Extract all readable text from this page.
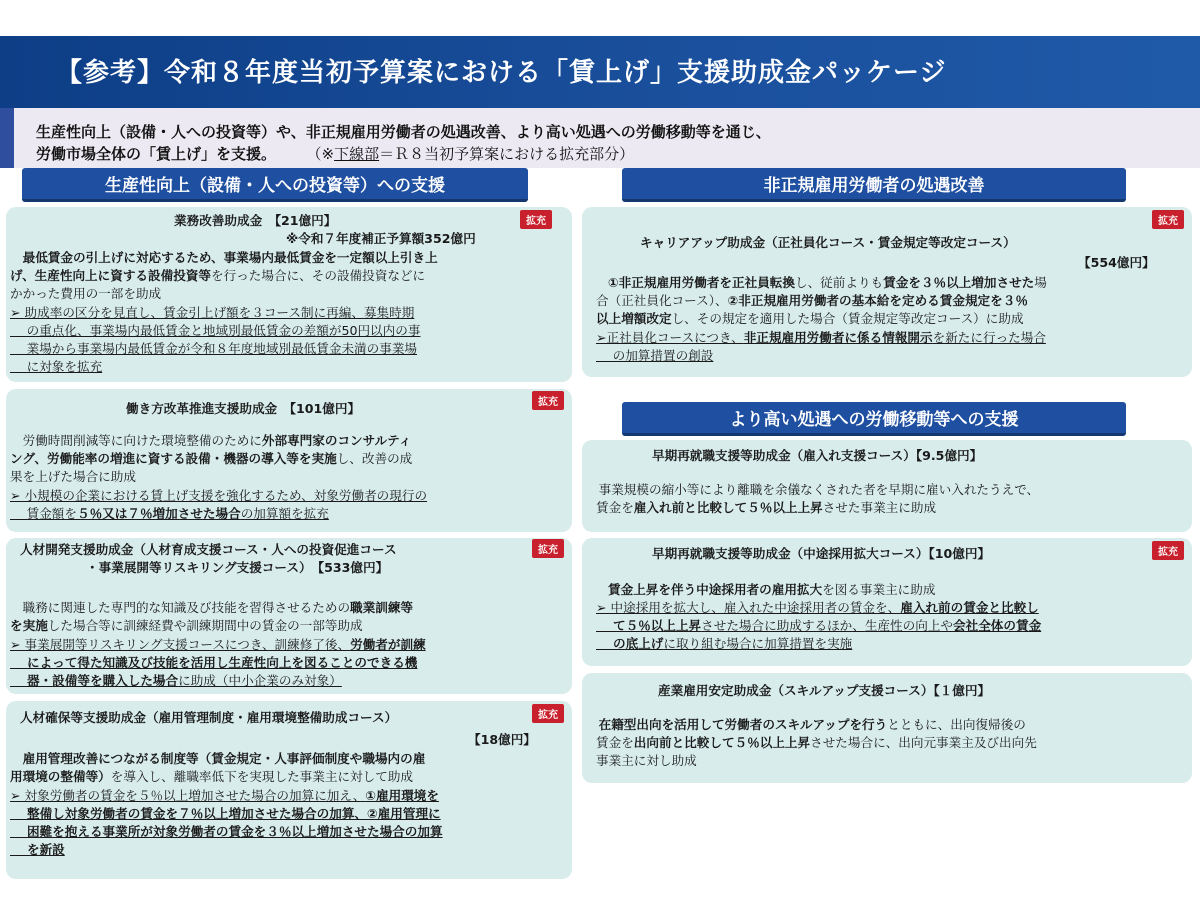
【参考】令和８年度当初予算案における「賃上げ」支援助成金パッケージ
生産性向上（設備・人への投資等）や、非正規雇用労働者の処遇改善、より高い処遇への労働移動等を通じ、
労働市場全体の「賃上げ」を支援。	（※下線部＝Ｒ８当初予算案における拡充部分）
生産性向上（設備・人への投資等）への支援	非正規雇用労働者の処遇改善
より高い処遇への労働移動等への支援
拡充
業務改善助成金　【21億円】
※令和７年度補正予算額352億円
　最低賃金の引上げに対応するため、事業場内最低賃金を一定額以上引き上
げ、生産性向上に資する設備投資等を行った場合に、その設備投資などに
かかった費用の一部を助成
➢ 助成率の区分を見直し、賃金引上げ額を３コース制に再編、募集時期
　 の重点化、事業場内最低賃金と地域別最低賃金の差額が50円以内の事
　 業場から事業場内最低賃金が令和８年度地域別最低賃金未満の事業場
　 に対象を拡充
拡充
働き方改革推進支援助成金　【101億円】
　労働時間削減等に向けた環境整備のために外部専門家のコンサルティ
ング、労働能率の増進に資する設備・機器の導入等を実施し、改善の成
果を上げた場合に助成
➢ 小規模の企業における賃上げ支援を強化するため、対象労働者の現行の
　 賃金額を５％又は７％増加させた場合の加算額を拡充
拡充
人材開発支援助成金（人材育成支援コース・人への投資促進コース
・事業展開等リスキリング支援コース）　【533億円】
　職務に関連した専門的な知識及び技能を習得させるための職業訓練等
を実施した場合等に訓練経費や訓練期間中の賃金の一部等助成
➢ 事業展開等リスキリング支援コースにつき、訓練修了後、労働者が訓練
　 によって得た知識及び技能を活用し生産性向上を図ることのできる機
　 器・設備等を購入した場合に助成（中小企業のみ対象）
拡充
人材確保等支援助成金（雇用管理制度・雇用環境整備助成コース）
【18億円】
　雇用管理改善につながる制度等（賃金規定・人事評価制度や職場内の雇
用環境の整備等）を導入し、離職率低下を実現した事業主に対して助成
➢ 対象労働者の賃金を５％以上増加させた場合の加算に加え、①雇用環境を
　 整備し対象労働者の賃金を７％以上増加させた場合の加算、②雇用管理に
　 困難を抱える事業所が対象労働者の賃金を３％以上増加させた場合の加算
　 を新設
拡充
キャリアアップ助成金（正社員化コース・賃金規定等改定コース）
【554億円】
①非正規雇用労働者を正社員転換し、従前よりも賃金を３％以上増加させた場
合（正社員化コース）、②非正規雇用労働者の基本給を定める賃金規定を３％
以上増額改定し、その規定を適用した場合（賃金規定等改定コース）に助成
➢正社員化コースにつき、非正規雇用労働者に係る情報開示を新たに行った場合
　 の加算措置の創設
早期再就職支援等助成金（雇入れ支援コース）【9.5億円】
　事業規模の縮小等により離職を余儀なくされた者を早期に雇い入れたうえで、
賃金を雇入れ前と比較して５％以上上昇させた事業主に助成
拡充
早期再就職支援等助成金（中途採用拡大コース）【10億円】
賃金上昇を伴う中途採用者の雇用拡大を図る事業主に助成
➢ 中途採用を拡大し、雇入れた中途採用者の賃金を、雇入れ前の賃金と比較し
　 て５％以上上昇させた場合に助成するほか、生産性の向上や会社全体の賃金
　 の底上げに取り組む場合に加算措置を実施
産業雇用安定助成金（スキルアップ支援コース）【１億円】
　在籍型出向を活用して労働者のスキルアップを行うとともに、出向復帰後の
賃金を出向前と比較して５％以上上昇させた場合に、出向元事業主及び出向先
事業主に対し助成
